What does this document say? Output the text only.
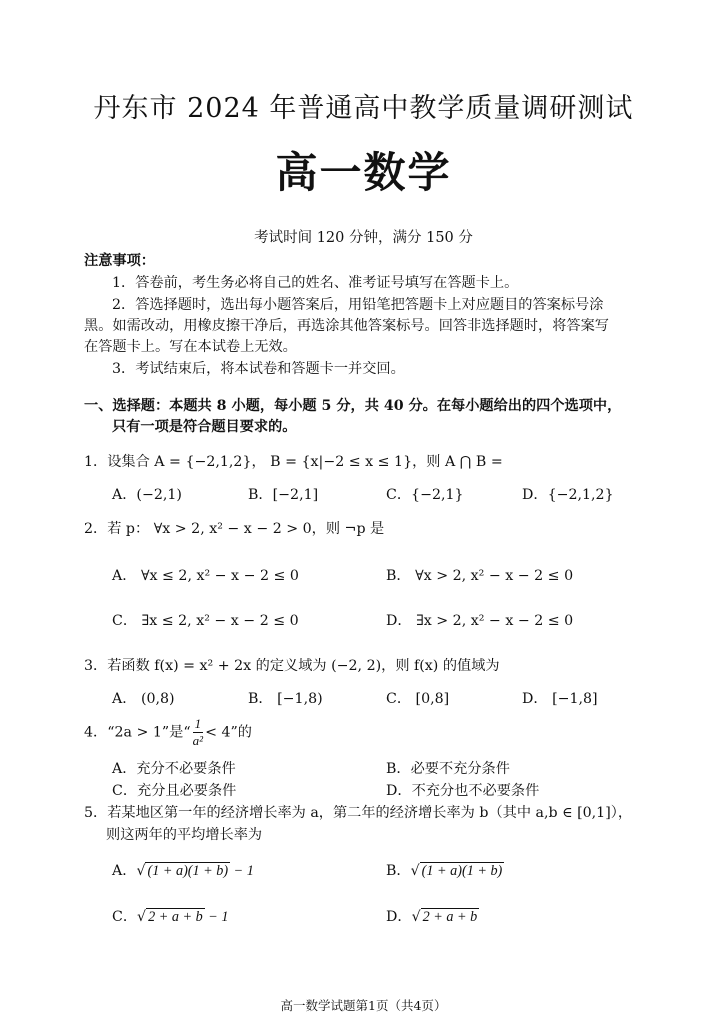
丹东市 2024 年普通高中教学质量调研测试
高一数学
考试时间 120 分钟，满分 150 分
注意事项：
1．答卷前，考生务必将自己的姓名、准考证号填写在答题卡上。
2．答选择题时，选出每小题答案后，用铅笔把答题卡上对应题目的答案标号涂
黑。如需改动，用橡皮擦干净后，再选涂其他答案标号。回答非选择题时，将答案写
在答题卡上。写在本试卷上无效。
3．考试结束后，将本试卷和答题卡一并交回。
一、选择题：本题共 8 小题，每小题 5 分，共 40 分。在每小题给出的四个选项中，
只有一项是符合题目要求的。
1．设集合 A = {−2,1,2}， B = {x|−2 ≤ x ≤ 1}，则 A ⋂ B =
A．(−2,1)	B．[−2,1]	C．{−2,1}	D．{−2,1,2}
2．若 p： ∀x > 2, x² − x − 2 > 0，则 ¬p 是
A． ∀x ≤ 2, x² − x − 2 ≤ 0	B． ∀x > 2, x² − x − 2 ≤ 0
C． ∃x ≤ 2, x² − x − 2 ≤ 0	D． ∃x > 2, x² − x − 2 ≤ 0
3．若函数 f(x) = x² + 2x 的定义域为 (−2, 2)，则 f(x) 的值域为
A． (0,8)	B． [−1,8)	C． [0,8]	D． [−1,8]
4．“2a > 1”是“ $\frac{1}{\text{a²}} < 4$”的
A．充分不必要条件	B．必要不充分条件
C．充分且必要条件	D．不充分也不必要条件
5．若某地区第一年的经济增长率为 a，第二年的经济增长率为 b（其中 a,b ∈ [0,1]），
则这两年的平均增长率为
A．√ (1 + a)(1 + b) − 1	B．√ (1 + a)(1 + b)
C．√ 2 + a + b − 1	D．√ 2 + a + b
高一数学试题第1页（共4页）
